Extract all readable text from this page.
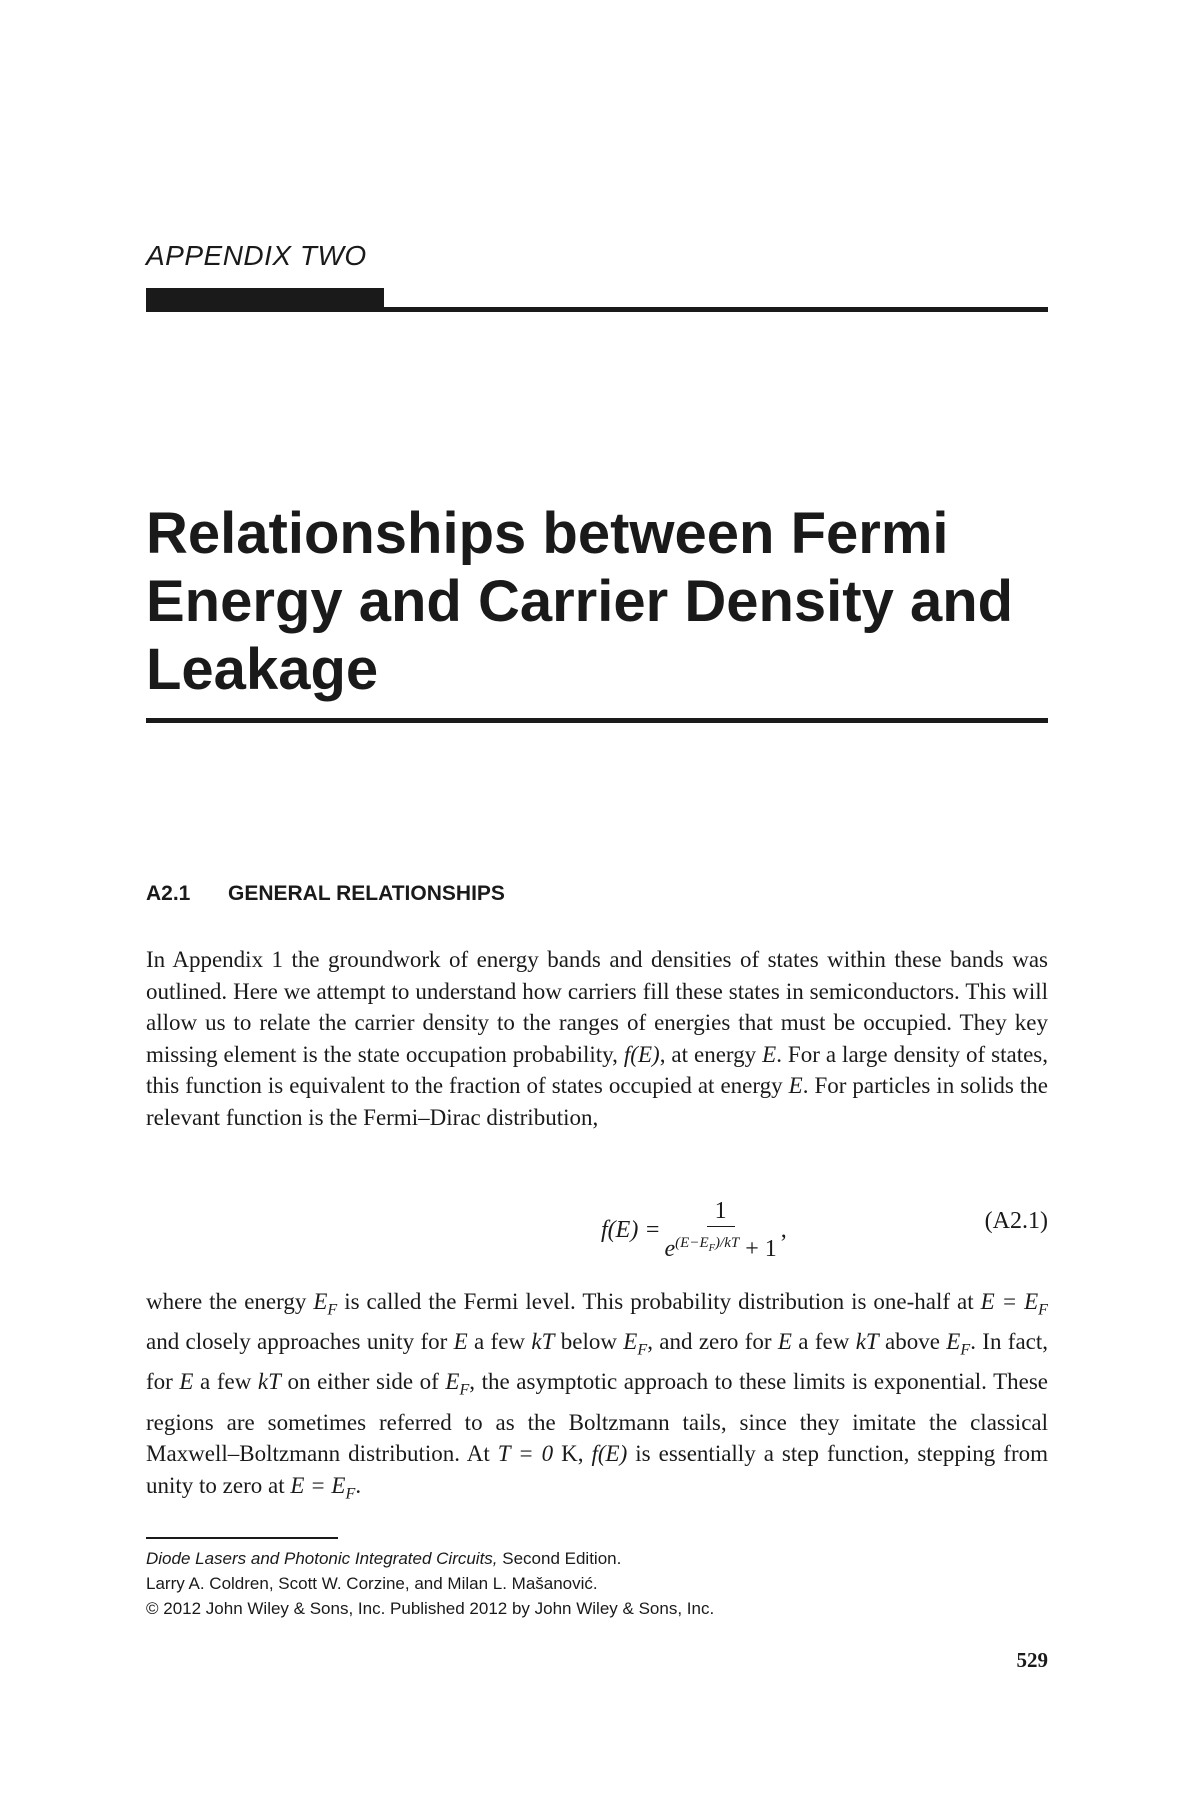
APPENDIX TWO
Relationships between Fermi Energy and Carrier Density and Leakage
A2.1 GENERAL RELATIONSHIPS

In Appendix 1 the groundwork of energy bands and densities of states within these bands was outlined. Here we attempt to understand how carriers fill these states in semiconductors. This will allow us to relate the carrier density to the ranges of energies that must be occupied. They key missing element is the state occupation probability, f(E), at energy E. For a large density of states, this function is equivalent to the fraction of states occupied at energy E. For particles in solids the relevant function is the Fermi–Dirac distribution,

$f(E) = \frac{1}{e^{(E-E_F)/kT} + 1}$ ,	(A2.1)

where the energy $E_F$ is called the Fermi level. This probability distribution is one-half at $E = E_F$ and closely approaches unity for E a few kT below $E_F$, and zero for E a few kT above $E_F$. In fact, for E a few kT on either side of $E_F$, the asymptotic approach to these limits is exponential. These regions are sometimes referred to as the Boltzmann tails, since they imitate the classical Maxwell–Boltzmann distribution. At T = 0 K, f(E) is essentially a step function, stepping from unity to zero at $E = E_F$.

Diode Lasers and Photonic Integrated Circuits, Second Edition.
Larry A. Coldren, Scott W. Corzine, and Milan L. Mašanović.
© 2012 John Wiley & Sons, Inc. Published 2012 by John Wiley & Sons, Inc.
529
